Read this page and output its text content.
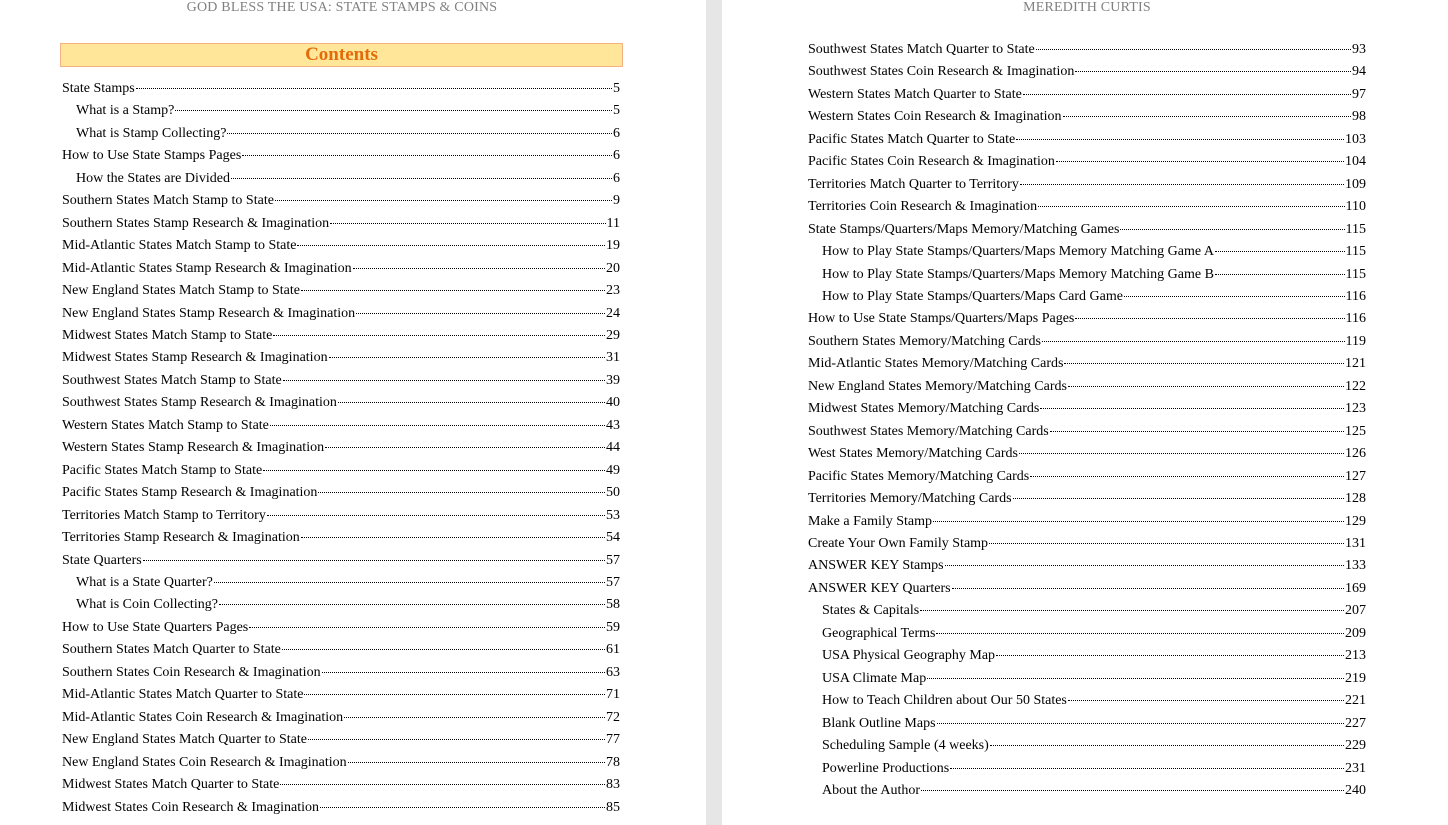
GOD BLESS THE USA: STATE STAMPS & COINS
Contents
State Stamps	5
What is a Stamp?	5
What is Stamp Collecting?	6
How to Use State Stamps Pages	6
How the States are Divided	6
Southern States Match Stamp to State	9
Southern States Stamp Research & Imagination	11
Mid-Atlantic States Match Stamp to State	19
Mid-Atlantic States Stamp Research & Imagination	20
New England States Match Stamp to State	23
New England States Stamp Research & Imagination	24
Midwest States Match Stamp to State	29
Midwest States Stamp Research & Imagination	31
Southwest States Match Stamp to State	39
Southwest States Stamp Research & Imagination	40
Western States Match Stamp to State	43
Western States Stamp Research & Imagination	44
Pacific States Match Stamp to State	49
Pacific States Stamp Research & Imagination	50
Territories Match Stamp to Territory	53
Territories Stamp Research & Imagination	54
State Quarters	57
What is a State Quarter?	57
What is Coin Collecting?	58
How to Use State Quarters Pages	59
Southern States Match Quarter to State	61
Southern States Coin Research & Imagination	63
Mid-Atlantic States Match Quarter to State	71
Mid-Atlantic States Coin Research & Imagination	72
New England States Match Quarter to State	77
New England States Coin Research & Imagination	78
Midwest States Match Quarter to State	83
Midwest States Coin Research & Imagination	85
MEREDITH CURTIS
Southwest States Match Quarter to State	93
Southwest States Coin Research & Imagination	94
Western States Match Quarter to State	97
Western States Coin Research & Imagination	98
Pacific States Match Quarter to State	103
Pacific States Coin Research & Imagination	104
Territories Match Quarter to Territory	109
Territories Coin Research & Imagination	110
State Stamps/Quarters/Maps Memory/Matching Games	115
How to Play State Stamps/Quarters/Maps Memory Matching Game A	115
How to Play State Stamps/Quarters/Maps Memory Matching Game B	115
How to Play State Stamps/Quarters/Maps Card Game	116
How to Use State Stamps/Quarters/Maps Pages	116
Southern States Memory/Matching Cards	119
Mid-Atlantic States Memory/Matching Cards	121
New England States Memory/Matching Cards	122
Midwest States Memory/Matching Cards	123
Southwest States Memory/Matching Cards	125
West States Memory/Matching Cards	126
Pacific States Memory/Matching Cards	127
Territories Memory/Matching Cards	128
Make a Family Stamp	129
Create Your Own Family Stamp	131
ANSWER KEY Stamps	133
ANSWER KEY Quarters	169
States & Capitals	207
Geographical Terms	209
USA Physical Geography Map	213
USA Climate Map	219
How to Teach Children about Our 50 States	221
Blank Outline Maps	227
Scheduling Sample (4 weeks)	229
Powerline Productions	231
About the Author	240
